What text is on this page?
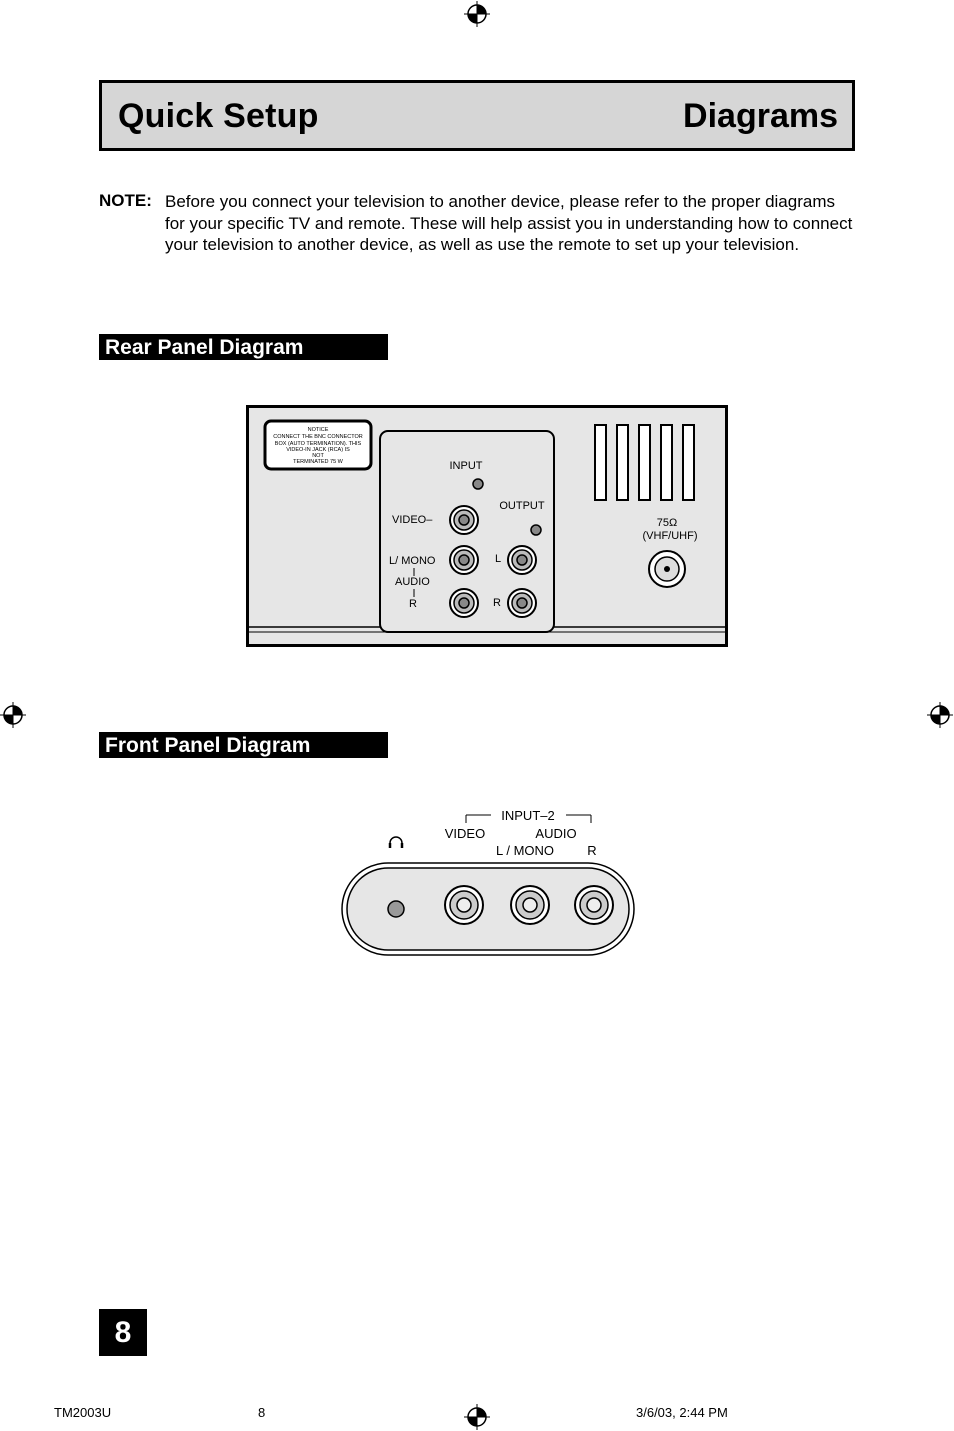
Quick Setup	Diagrams
NOTE: Before you connect your television to another device, please refer to the proper diagrams for your specific TV and remote. These will help assist you in understanding how to connect your television to another device, as well as use the remote to set up your television.
Rear Panel Diagram
NOTICE
CONNECT THE BNC CONNECTOR
BOX (AUTO TERMINATION). THIS
VIDEO-IN JACK (RCA) IS
NOT
TERMINATED 75 W	INPUT
OUTPUT
VIDEO–
L/ MONO
AUDIO
R
L
R
75Ω
(VHF/UHF)
Front Panel Diagram
INPUT–2
VIDEO	AUDIO
L / MONO	R
8
TM2003U	8	3/6/03, 2:44 PM
